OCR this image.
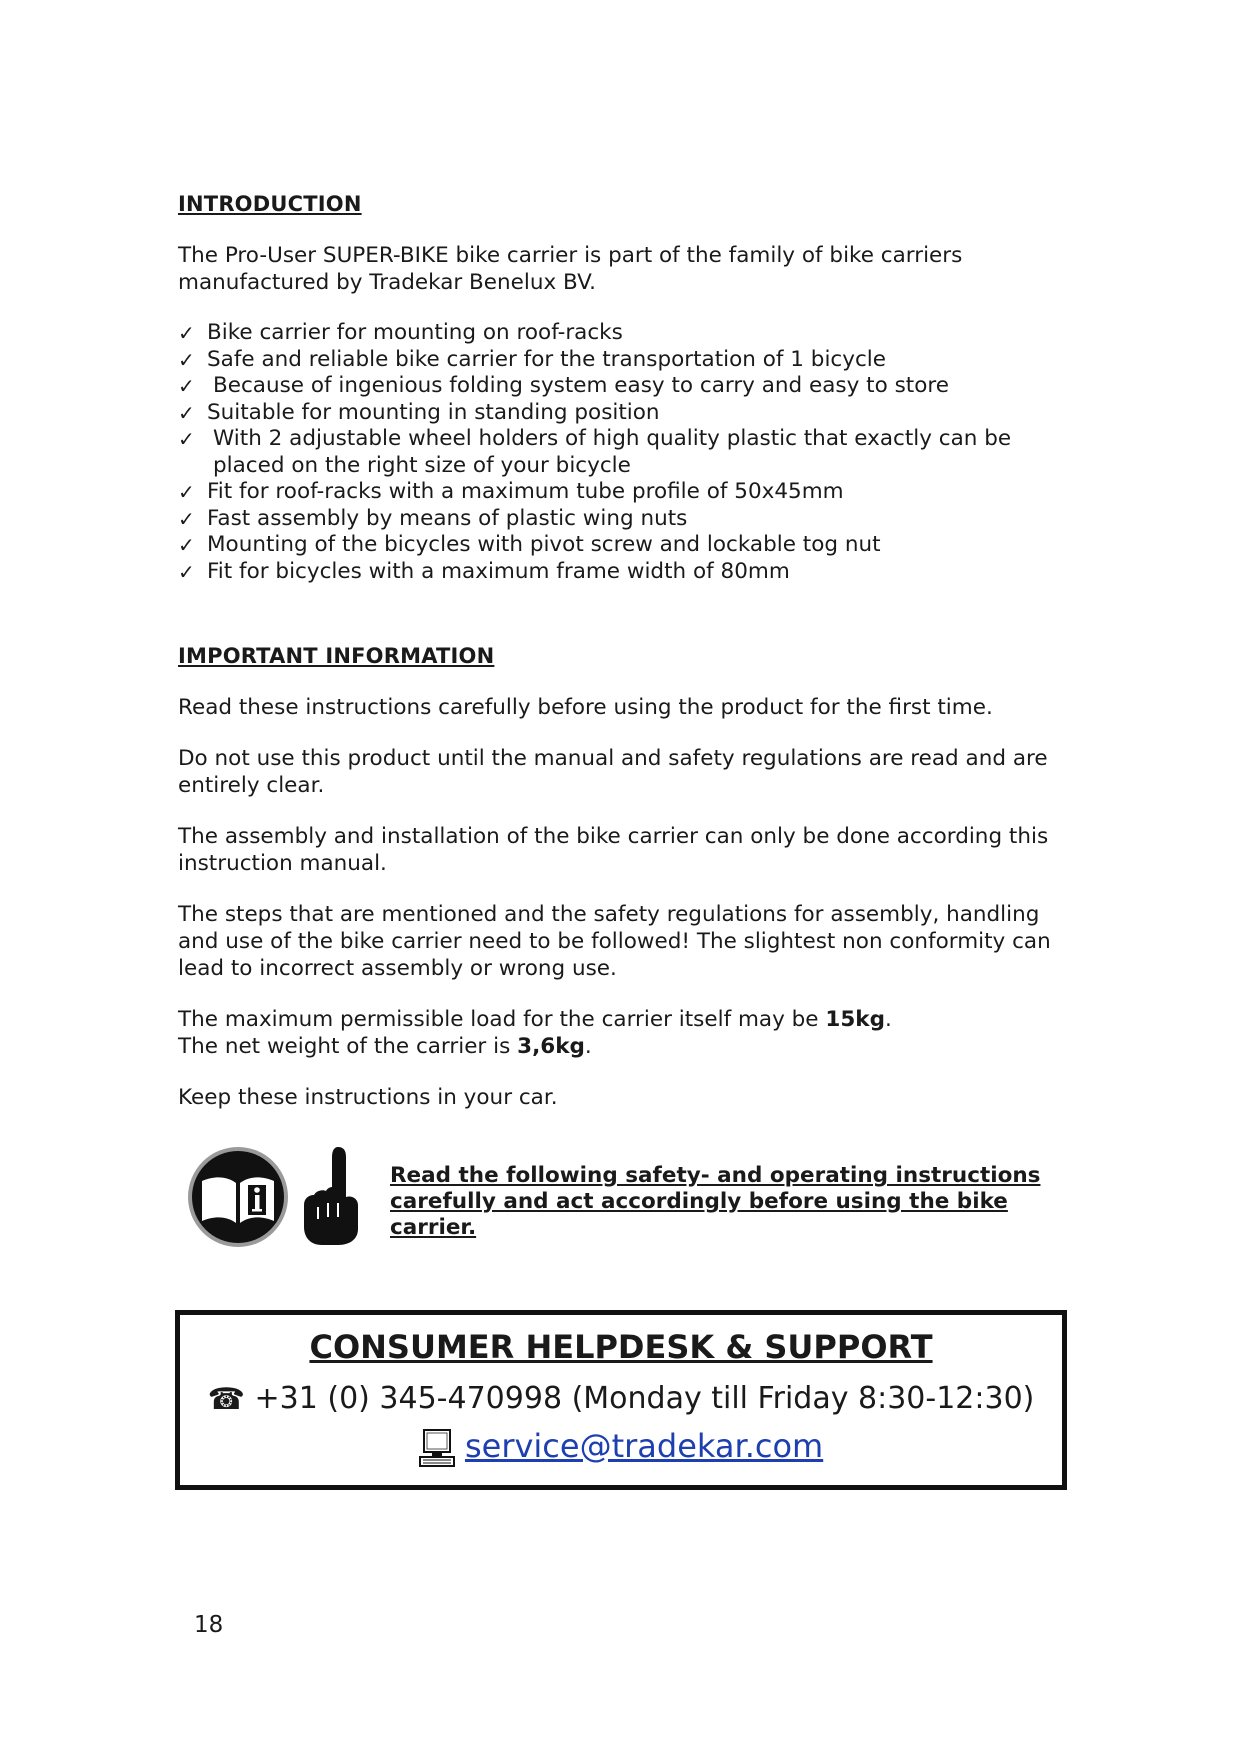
INTRODUCTION

The Pro-User SUPER-BIKE bike carrier is part of the family of bike carriers manufactured by Tradekar Benelux BV.

✓ Bike carrier for mounting on roof-racks
✓ Safe and reliable bike carrier for the transportation of 1 bicycle
✓ Because of ingenious folding system easy to carry and easy to store
✓ Suitable for mounting in standing position
✓ With 2 adjustable wheel holders of high quality plastic that exactly can be placed on the right size of your bicycle
✓ Fit for roof-racks with a maximum tube profile of 50x45mm
✓ Fast assembly by means of plastic wing nuts
✓ Mounting of the bicycles with pivot screw and lockable tog nut
✓ Fit for bicycles with a maximum frame width of 80mm
IMPORTANT INFORMATION

Read these instructions carefully before using the product for the first time.

Do not use this product until the manual and safety regulations are read and are entirely clear.

The assembly and installation of the bike carrier can only be done according this instruction manual.

The steps that are mentioned and the safety regulations for assembly, handling and use of the bike carrier need to be followed! The slightest non conformity can lead to incorrect assembly or wrong use.

The maximum permissible load for the carrier itself may be 15kg.

The net weight of the carrier is 3,6kg.

Keep these instructions in your car.

Read the following safety- and operating instructions carefully and act accordingly before using the bike carrier.
CONSUMER HELPDESK & SUPPORT
☎ +31 (0) 345-470998 (Monday till Friday 8:30-12:30)
service@tradekar.com
18
